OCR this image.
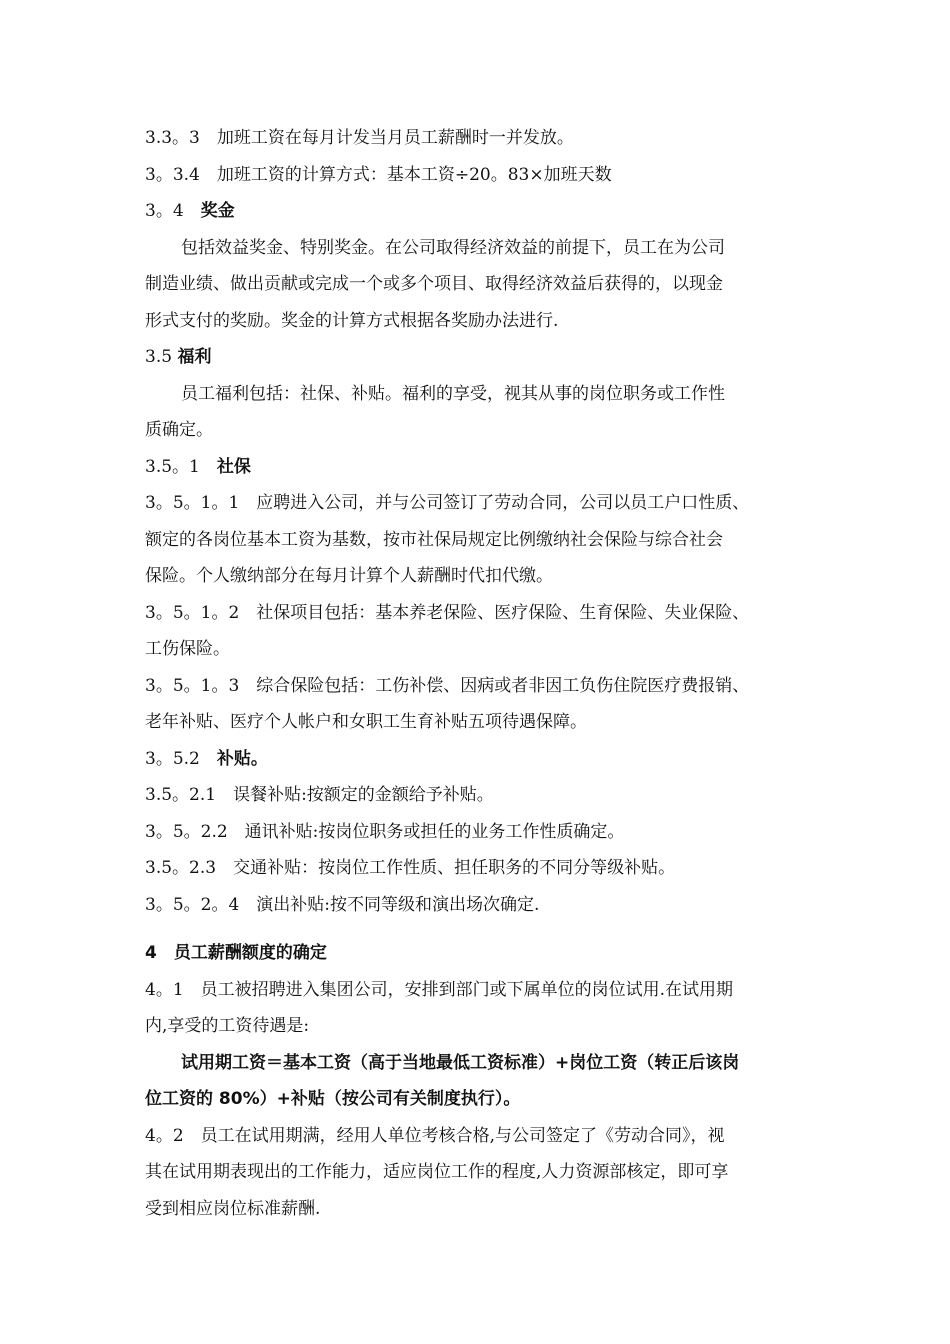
3.3。3　加班工资在每月计发当月员工薪酬时一并发放。
3。3.4　加班工资的计算方式：基本工资÷20。83×加班天数
3。4　 奖金
包括效益奖金、特别奖金。在公司取得经济效益的前提下，员工在为公司
制造业绩、做出贡献或完成一个或多个项目、取得经济效益后获得的，以现金
形式支付的奖励。奖金的计算方式根据各奖励办法进行.
3.5 福利
员工福利包括：社保、补贴。福利的享受，视其从事的岗位职务或工作性
质确定。
3.5。1　 社保
3。5。1。1　应聘进入公司，并与公司签订了劳动合同，公司以员工户口性质、
额定的各岗位基本工资为基数，按市社保局规定比例缴纳社会保险与综合社会
保险。个人缴纳部分在每月计算个人薪酬时代扣代缴。
3。5。1。2　社保项目包括：基本养老保险、医疗保险、生育保险、失业保险、
工伤保险。
3。5。1。3　综合保险包括：工伤补偿、因病或者非因工负伤住院医疗费报销、
老年补贴、医疗个人帐户和女职工生育补贴五项待遇保障。
3。5.2　 补贴。
3.5。2.1　误餐补贴:按额定的金额给予补贴。
3。5。2.2　通讯补贴:按岗位职务或担任的业务工作性质确定。
3.5。2.3　交通补贴：按岗位工作性质、担任职务的不同分等级补贴。
3。5。2。4　演出补贴:按不同等级和演出场次确定.
4　员工薪酬额度的确定
4。1　员工被招聘进入集团公司，安排到部门或下属单位的岗位试用.在试用期
内,享受的工资待遇是:
试用期工资＝基本工资（高于当地最低工资标准）+岗位工资（转正后该岗
位工资的 80%）+补贴（按公司有关制度执行）。
4。2　员工在试用期满，经用人单位考核合格,与公司签定了《劳动合同》，视
其在试用期表现出的工作能力，适应岗位工作的程度,人力资源部核定，即可享
受到相应岗位标准薪酬.
